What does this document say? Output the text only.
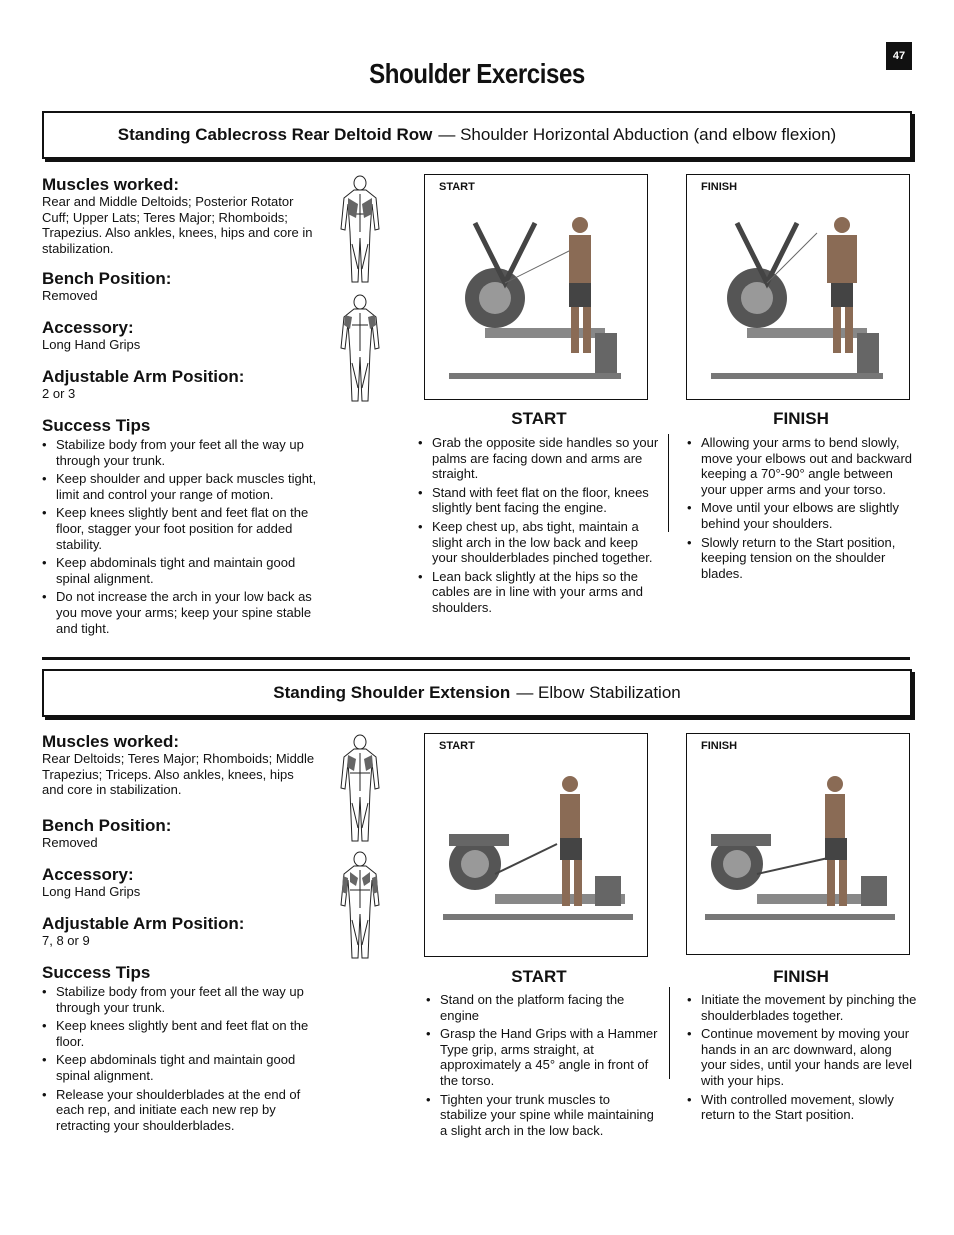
47
Shoulder Exercises
Standing Cablecross Rear Deltoid Row — Shoulder Horizontal Abduction (and elbow flexion)

Muscles worked:

Rear and Middle Deltoids; Posterior Rotator Cuff; Upper Lats; Teres Major; Rhomboids; Trapezius. Also ankles, knees, hips and core in stabilization.

Bench Position:

Removed

Accessory:

Long Hand Grips

Adjustable Arm Position:

2 or 3

Success Tips

• Stabilize body from your feet all the way up through your trunk.
• Keep shoulder and upper back muscles tight, limit and control your range of motion.
• Keep knees slightly bent and feet flat on the floor, stagger your foot position for added stability.
• Keep abdominals tight and maintain good spinal alignment.
• Do not increase the arch in your low back as you move your arms; keep your spine stable and tight.
START	FINISH
START
• Grab the opposite side handles so your palms are facing down and arms are straight.
• Stand with feet flat on the floor, knees slightly bent facing the engine.
• Keep chest up, abs tight, maintain a slight arch in the low back and keep your shoulderblades pinched together.
• Lean back slightly at the hips so the cables are in line with your arms and shoulders.
FINISH
• Allowing your arms to bend slowly, move your elbows out and backward keeping a 70°-90° angle between your upper arms and your torso.
• Move until your elbows are slightly behind your shoulders.
• Slowly return to the Start position, keeping tension on the shoulder blades.
Standing Shoulder Extension — Elbow Stabilization

Muscles worked:

Rear Deltoids; Teres Major; Rhomboids; Middle Trapezius; Triceps. Also ankles, knees, hips and core in stabilization.

Bench Position:

Removed

Accessory:

Long Hand Grips

Adjustable Arm Position:

7, 8 or 9

Success Tips

• Stabilize body from your feet all the way up through your trunk.
• Keep knees slightly bent and feet flat on the floor.
• Keep abdominals tight and maintain good spinal alignment.
• Release your shoulderblades at the end of each rep, and initiate each new rep by retracting your shoulderblades.
START	FINISH
START
• Stand on the platform facing the engine
• Grasp the Hand Grips with a Hammer Type grip, arms straight, at approximately a 45° angle in front of the torso.
• Tighten your trunk muscles to stabilize your spine while maintaining a slight arch in the low back.
FINISH
• Initiate the movement by pinching the shoulderblades together.
• Continue movement by moving your hands in an arc downward, along your sides, until your hands are level with your hips.
• With controlled movement, slowly return to the Start position.
